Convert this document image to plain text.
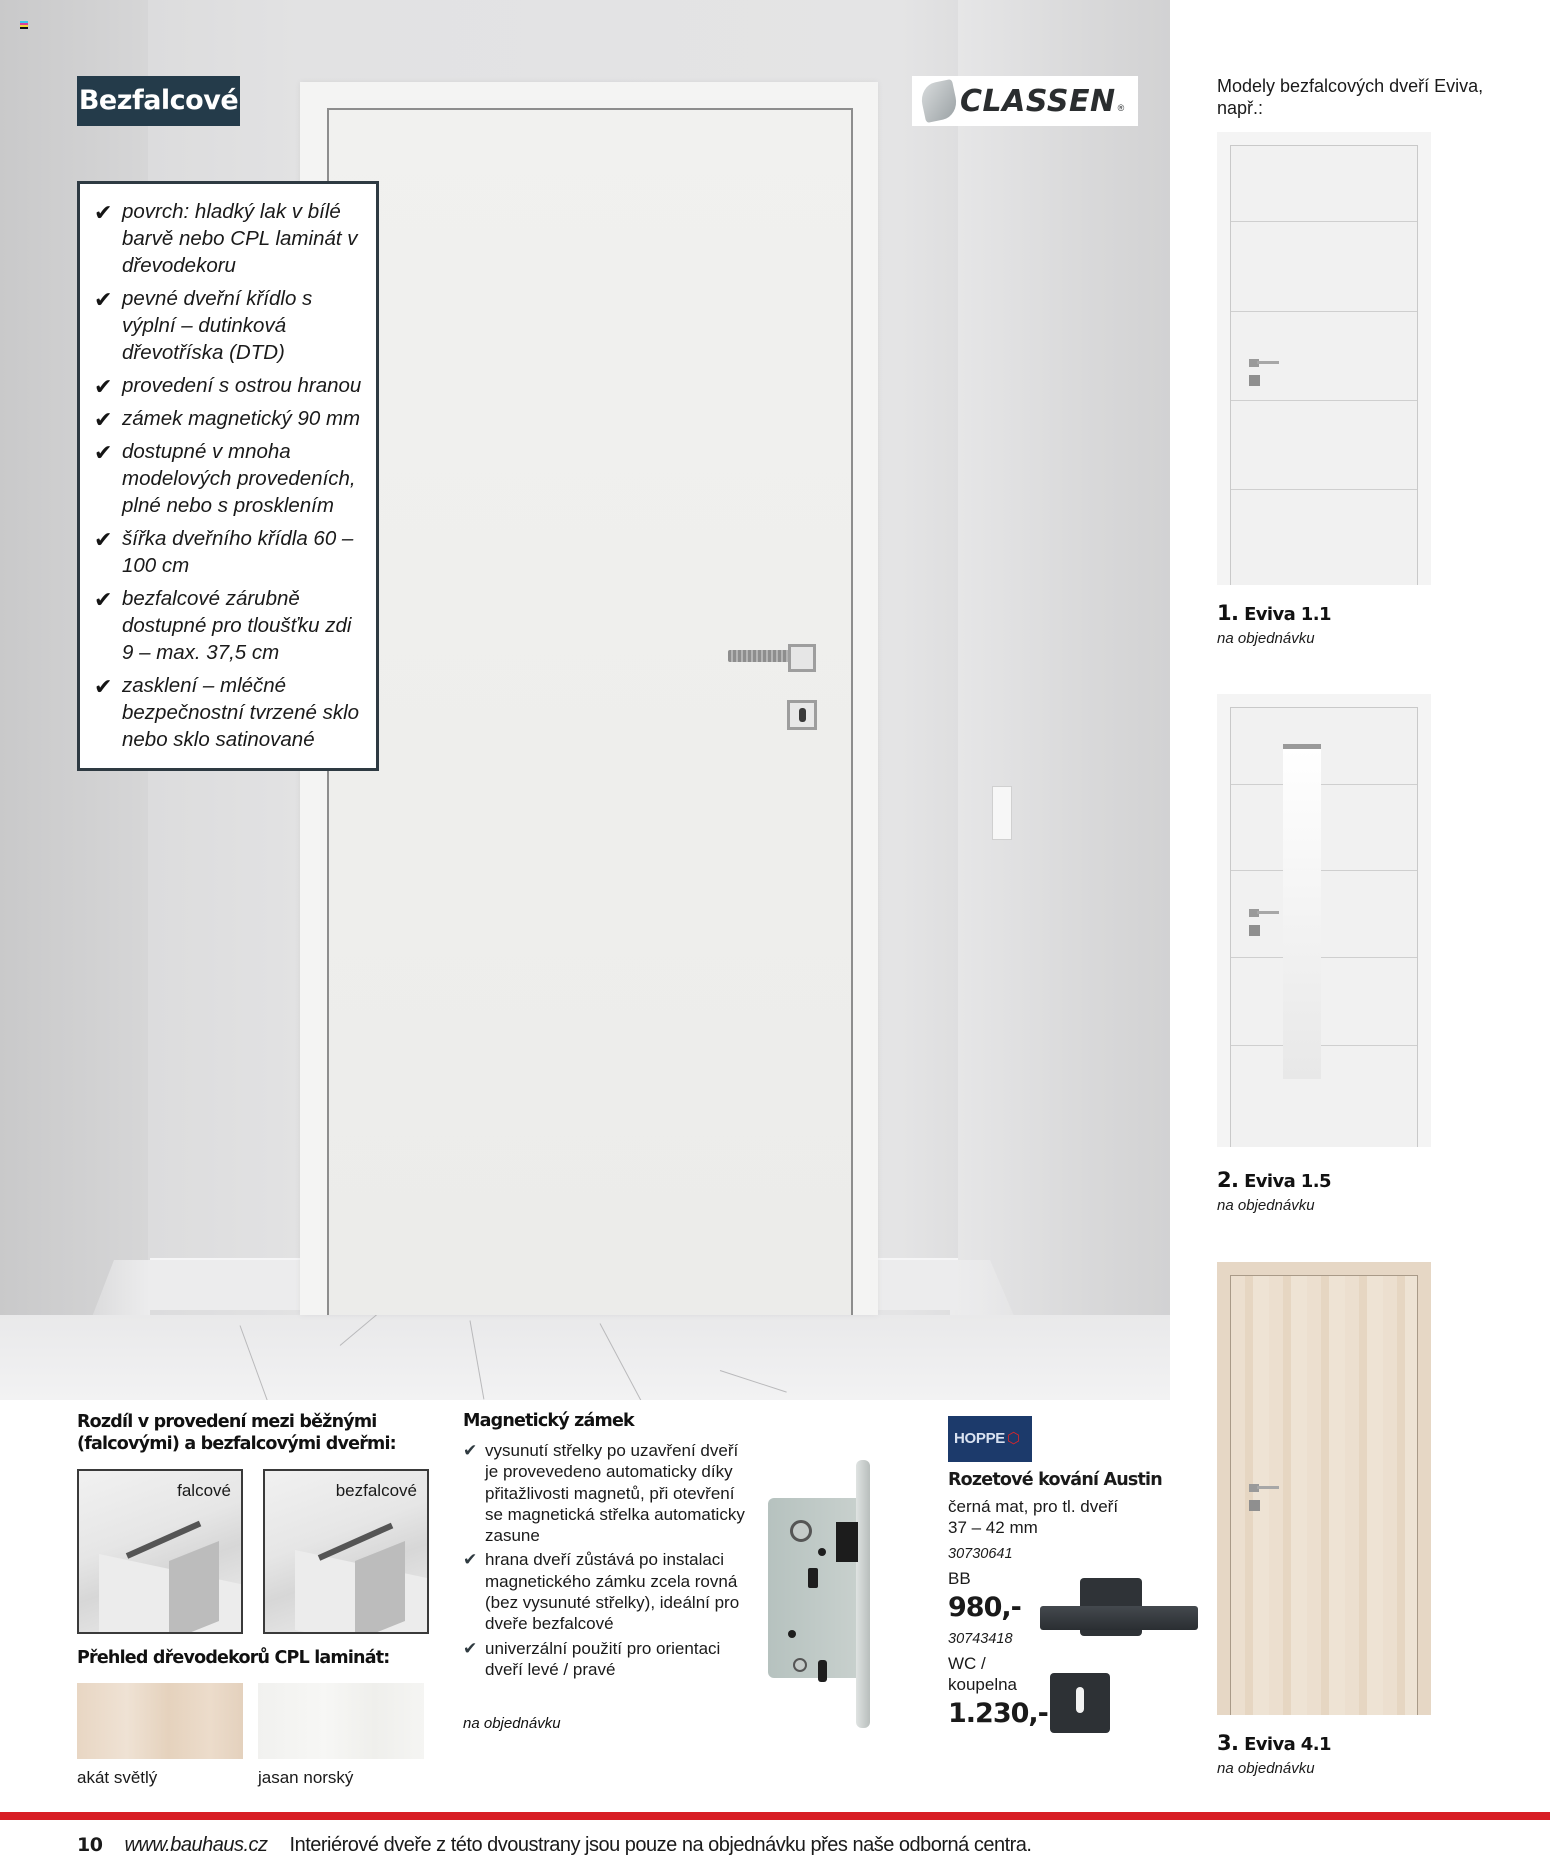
Bezfalcové
✔ povrch: hladký lak v bílé barvě nebo CPL laminát v dřevodekoru
✔ pevné dveřní křídlo s výplní – dutinková dřevotříska (DTD)
✔ provedení s ostrou hranou
✔ zámek magnetický 90 mm
✔ dostupné v mnoha modelových provedeních, plné nebo s prosklením
✔ šířka dveřního křídla 60 – 100 cm
✔ bezfalcové zárubně dostupné pro tloušťku zdi 9 – max. 37,5 cm
✔ zasklení – mléčné bezpečnostní tvrzené sklo nebo sklo satinované
CLASSEN ®
Modely bezfalcových dveří Eviva, např.:
1. Eviva 1.1
na objednávku
2. Eviva 1.5
na objednávku
3. Eviva 4.1
na objednávku
Rozdíl v provedení mezi běžnými (falcovými) a bezfalcovými dveřmi:
falcové	bezfalcové
Přehled dřevodekorů CPL laminát:
akát světlý	jasan norský
Magnetický zámek
✔ vysunutí střelky po uzavření dveří je provevedeno automaticky díky přitažlivosti magnetů, při otevření se magnetická střelka automaticky zasune
✔ hrana dveří zůstává po instalaci magnetického zámku zcela rovná (bez vysunuté střelky), ideální pro dveře bezfalcové
✔ univerzální použití pro orientaci dveří levé / pravé
na objednávku
HOPPE ⬡
Rozetové kování Austin
černá mat, pro tl. dveří 37 – 42 mm
30730641
BB
980,-
30743418
WC / koupelna
1.230,-
10 www.bauhaus.cz Interiérové dveře z této dvoustrany jsou pouze na objednávku přes naše odborná centra.
